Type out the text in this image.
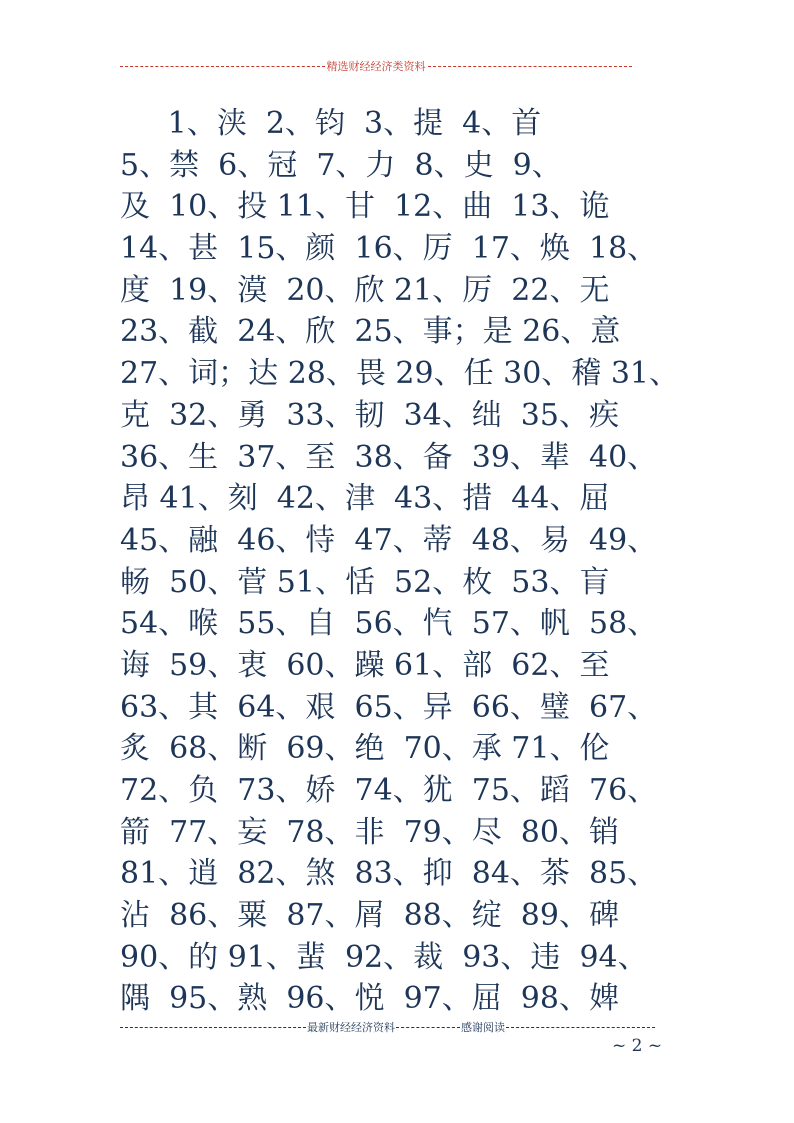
精选财经经济类资料
1、浃  2、钧  3、提  4、首
5、禁  6、冠  7、力  8、史  9、
及  10、投 11、甘  12、曲  13、诡
14、甚  15、颜  16、厉  17、焕  18、
度  19、漠  20、欣 21、厉  22、无
23、截  24、欣  25、事；是 26、意
27、词；达 28、畏 29、任 30、稽 31、
克  32、勇  33、韧  34、绌  35、疾
36、生  37、至  38、备  39、辈  40、
昂 41、刻  42、津  43、措  44、屈
45、融  46、恃  47、蒂  48、易  49、
畅  50、菅 51、恬  52、枚  53、肓
54、喉  55、自  56、忾  57、帆  58、
诲  59、衷  60、躁 61、部  62、至
63、其  64、艰  65、异  66、璧  67、
炙  68、断  69、绝  70、承 71、伦
72、负  73、娇  74、犹  75、蹈  76、
箭  77、妄  78、非  79、尽  80、销
81、逍  82、煞  83、抑  84、茶  85、
沾  86、粟  87、屑  88、绽  89、碑
90、的 91、蜚  92、裁  93、违  94、
隅  95、熟  96、悦  97、屈  98、婢
最新财经经济资料	感谢阅读
~ 2 ~
